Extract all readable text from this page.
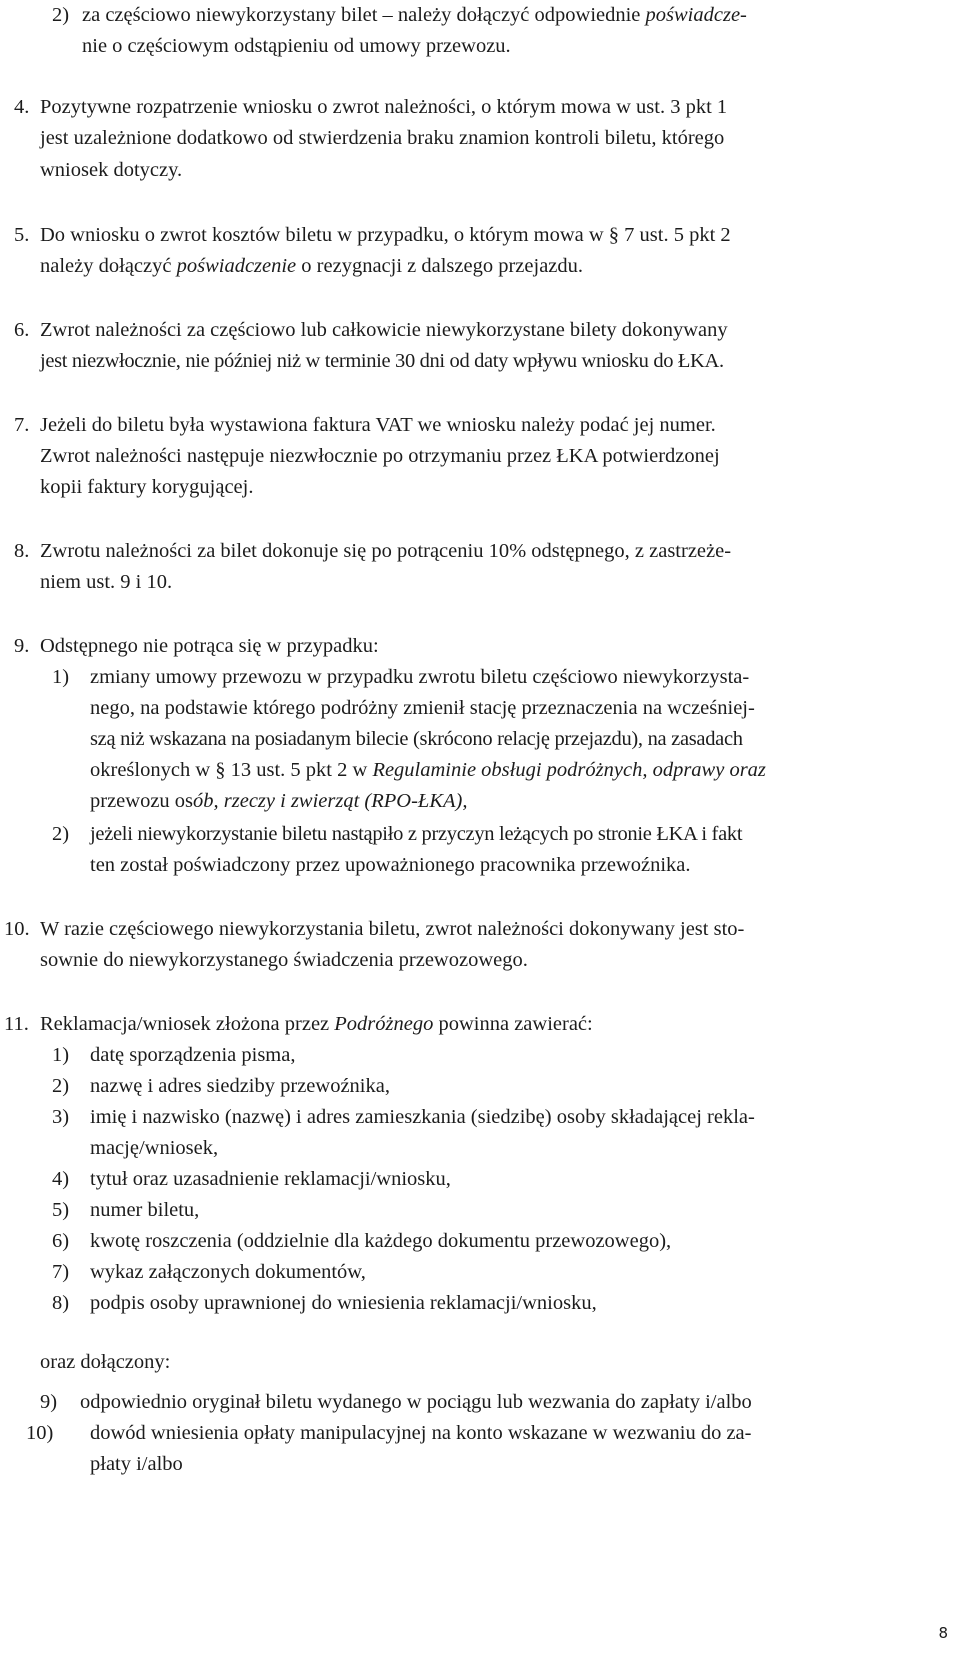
2) za częściowo niewykorzystany bilet – należy dołączyć odpowiednie poświadcze-
nie o częściowym odstąpieniu od umowy przewozu.
4. Pozytywne rozpatrzenie wniosku o zwrot należności, o którym mowa w ust. 3 pkt 1
jest uzależnione dodatkowo od stwierdzenia braku znamion kontroli biletu, którego
wniosek dotyczy.
5. Do wniosku o zwrot kosztów biletu w przypadku, o którym mowa w § 7 ust. 5 pkt 2
należy dołączyć poświadczenie o rezygnacji z dalszego przejazdu.
6. Zwrot należności za częściowo lub całkowicie niewykorzystane bilety dokonywany
jest niezwłocznie, nie później niż w terminie 30 dni od daty wpływu wniosku do ŁKA.
7. Jeżeli do biletu była wystawiona faktura VAT we wniosku należy podać jej numer.
Zwrot należności następuje niezwłocznie po otrzymaniu przez ŁKA potwierdzonej
kopii faktury korygującej.
8. Zwrotu należności za bilet dokonuje się po potrąceniu 10% odstępnego, z zastrzeże-
niem ust. 9 i 10.
9. Odstępnego nie potrąca się w przypadku:
1) zmiany umowy przewozu w przypadku zwrotu biletu częściowo niewykorzysta-
nego, na podstawie którego podróżny zmienił stację przeznaczenia na wcześniej-
szą niż wskazana na posiadanym bilecie (skrócono relację przejazdu), na zasadach
określonych w § 13 ust. 5 pkt 2 w Regulaminie obsługi podróżnych, odprawy oraz
przewozu osób, rzeczy i zwierząt (RPO-ŁKA),
2) jeżeli niewykorzystanie biletu nastąpiło z przyczyn leżących po stronie ŁKA i fakt
ten został poświadczony przez upoważnionego pracownika przewoźnika.
10. W razie częściowego niewykorzystania biletu, zwrot należności dokonywany jest sto-
sownie do niewykorzystanego świadczenia przewozowego.
11. Reklamacja/wniosek złożona przez Podróżnego powinna zawierać:
1) datę sporządzenia pisma,
2) nazwę i adres siedziby przewoźnika,
3) imię i nazwisko (nazwę) i adres zamieszkania (siedzibę) osoby składającej rekla-
mację/wniosek,
4) tytuł oraz uzasadnienie reklamacji/wniosku,
5) numer biletu,
6) kwotę roszczenia (oddzielnie dla każdego dokumentu przewozowego),
7) wykaz załączonych dokumentów,
8) podpis osoby uprawnionej do wniesienia reklamacji/wniosku,
oraz dołączony:
9) odpowiednio oryginał biletu wydanego w pociągu lub wezwania do zapłaty i/albo
10) dowód wniesienia opłaty manipulacyjnej na konto wskazane w wezwaniu do za-
płaty i/albo
8
